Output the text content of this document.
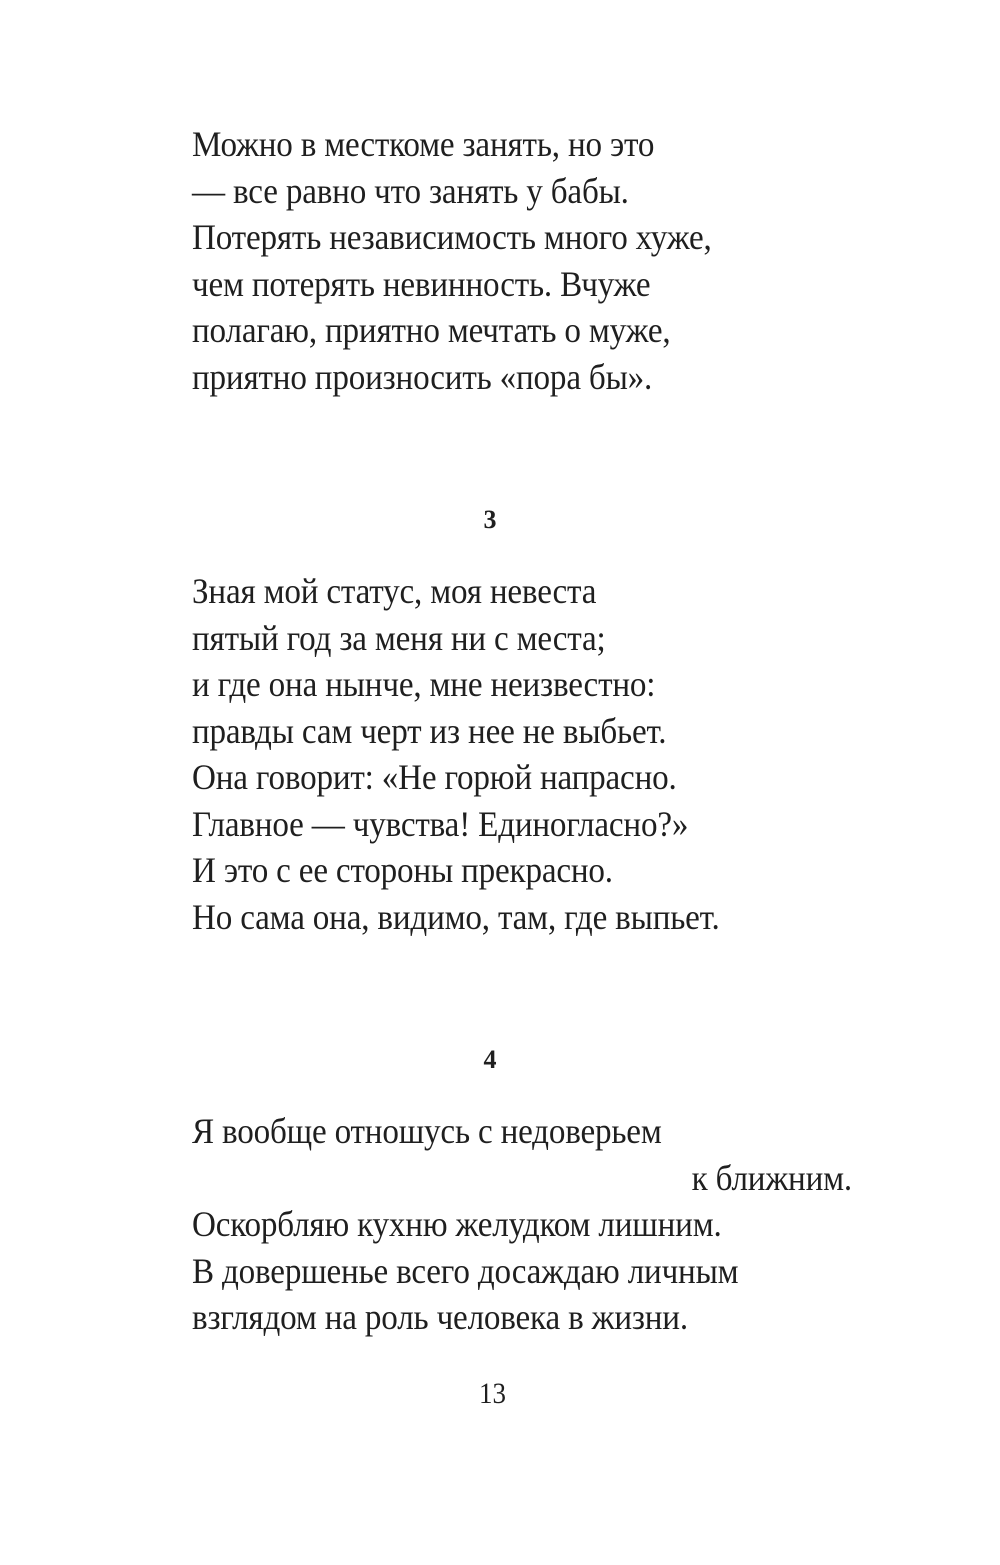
Можно в месткоме занять, но это
— все равно что занять у бабы.
Потерять независимость много хуже,
чем потерять невинность. Вчуже
полагаю, приятно мечтать о муже,
приятно произносить «пора бы».
3
Зная мой статус, моя невеста
пятый год за меня ни с места;
и где она нынче, мне неизвестно:
правды сам черт из нее не выбьет.
Она говорит: «Не горюй напрасно.
Главное — чувства! Единогласно?»
И это с ее стороны прекрасно.
Но сама она, видимо, там, где выпьет.
4
Я вообще отношусь с недоверьем
к ближним.
Оскорбляю кухню желудком лишним.
В довершенье всего досаждаю личным
взглядом на роль человека в жизни.
13
